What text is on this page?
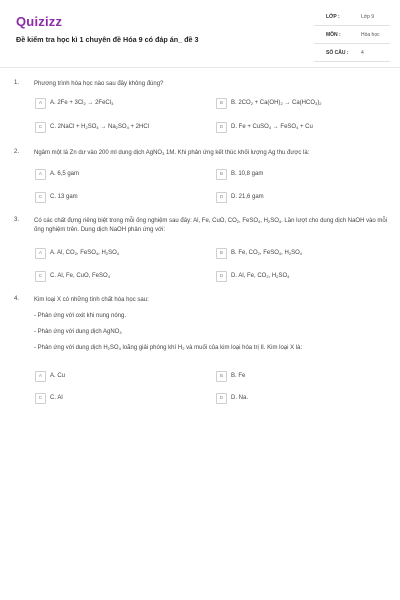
Quizizz
Đề kiểm tra học kì 1 chuyên đề Hóa 9 có đáp án_ đề 3
LỚP :	Lớp 9
MÔN :	Hóa học
SỐ CÂU :	4
1. Phương trình hóa học nào sau đây không đúng?
A	A. $2Fe + 3Cl_2$ → 2FeCl$_3$	B	B. $2CO_2 + Ca(OH)_2 \to Ca(HCO_3)_2$
C	C. 2NaCl + $H_2SO_4 \to Na_2SO_4 + 2HCl$	D	D. Fe + CuSO$_4$ → FeSO$_4$ + Cu
2. Ngâm một lá Zn dư vào 200 ml dung dịch AgNO$_3$ 1M. Khi phản ứng kết thúc khối lượng Ag thu được là:
A	A. 6,5 gam	B	B. 10,8 gam
C	C. 13 gam	D	D. 21,6 gam
3. Có các chất đựng riêng biệt trong mỗi ống nghiệm sau đây: Al, Fe, CuO, $CO_2$, FeSO$_4$, $H_2SO_4$. Lần lượt cho dung dịch NaOH vào mỗi ống nghiệm trên. Dung dịch NaOH phản ứng với:
A	A. Al, $CO_2$, FeSO$_4$, $H_2SO_4$	B	B. Fe, $CO_2$, FeSO$_4$, $H_2SO_4$
C	C. Al, Fe, CuO, FeSO$_4$	D	D. Al, Fe, $CO_2$, $H_2SO_4$
4. Kim loại X có những tính chất hóa học sau:
- Phản ứng với oxit khi nung nóng.
- Phản ứng với dung dịch AgNO$_3$
- Phản ứng với dung dịch $H_2SO_4$ loãng giải phóng khí $H_2$ và muối của kim loại hóa trị II. Kim loại X là:
A	A. Cu	B	B. Fe
C	C. Al	D	D. Na.
